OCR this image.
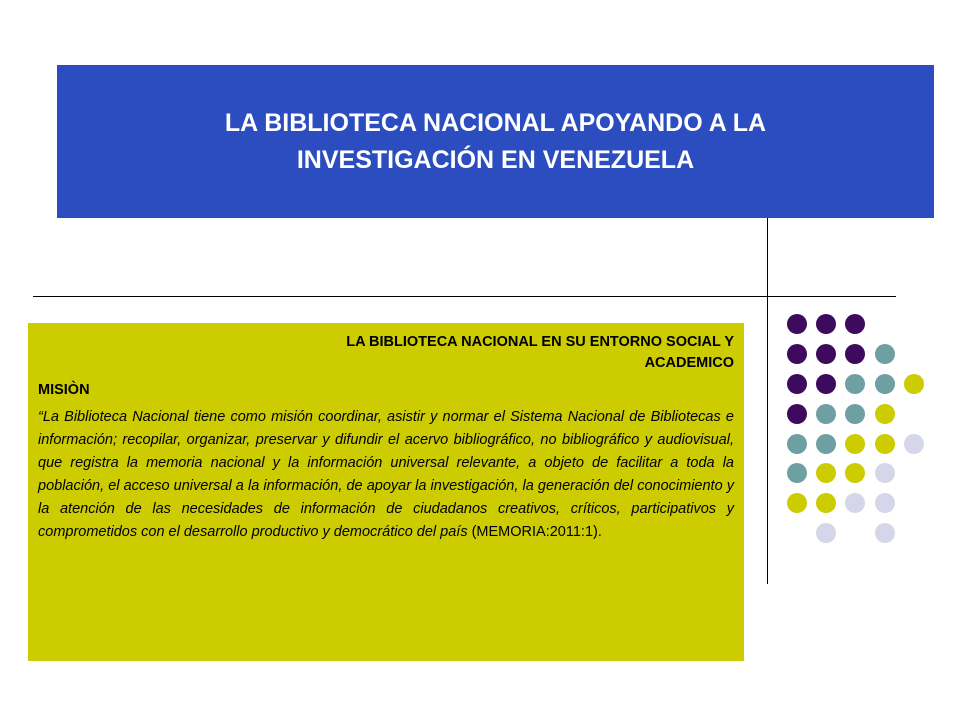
LA BIBLIOTECA NACIONAL APOYANDO A LA
INVESTIGACIÓN EN VENEZUELA

LA BIBLIOTECA NACIONAL EN SU ENTORNO SOCIAL Y
ACADEMICO

MISIÒN

“La Biblioteca Nacional tiene como misión coordinar, asistir y normar el Sistema Nacional de Bibliotecas e información; recopilar, organizar, preservar y difundir el acervo bibliográfico, no bibliográfico y audiovisual, que registra la memoria nacional y la información universal relevante, a objeto de facilitar a toda la población, el acceso universal a la información, de apoyar la investigación, la generación del conocimiento y la atención de las necesidades de información de ciudadanos creativos, críticos, participativos y comprometidos con el desarrollo productivo y democrático del país (MEMORIA:2011:1).
